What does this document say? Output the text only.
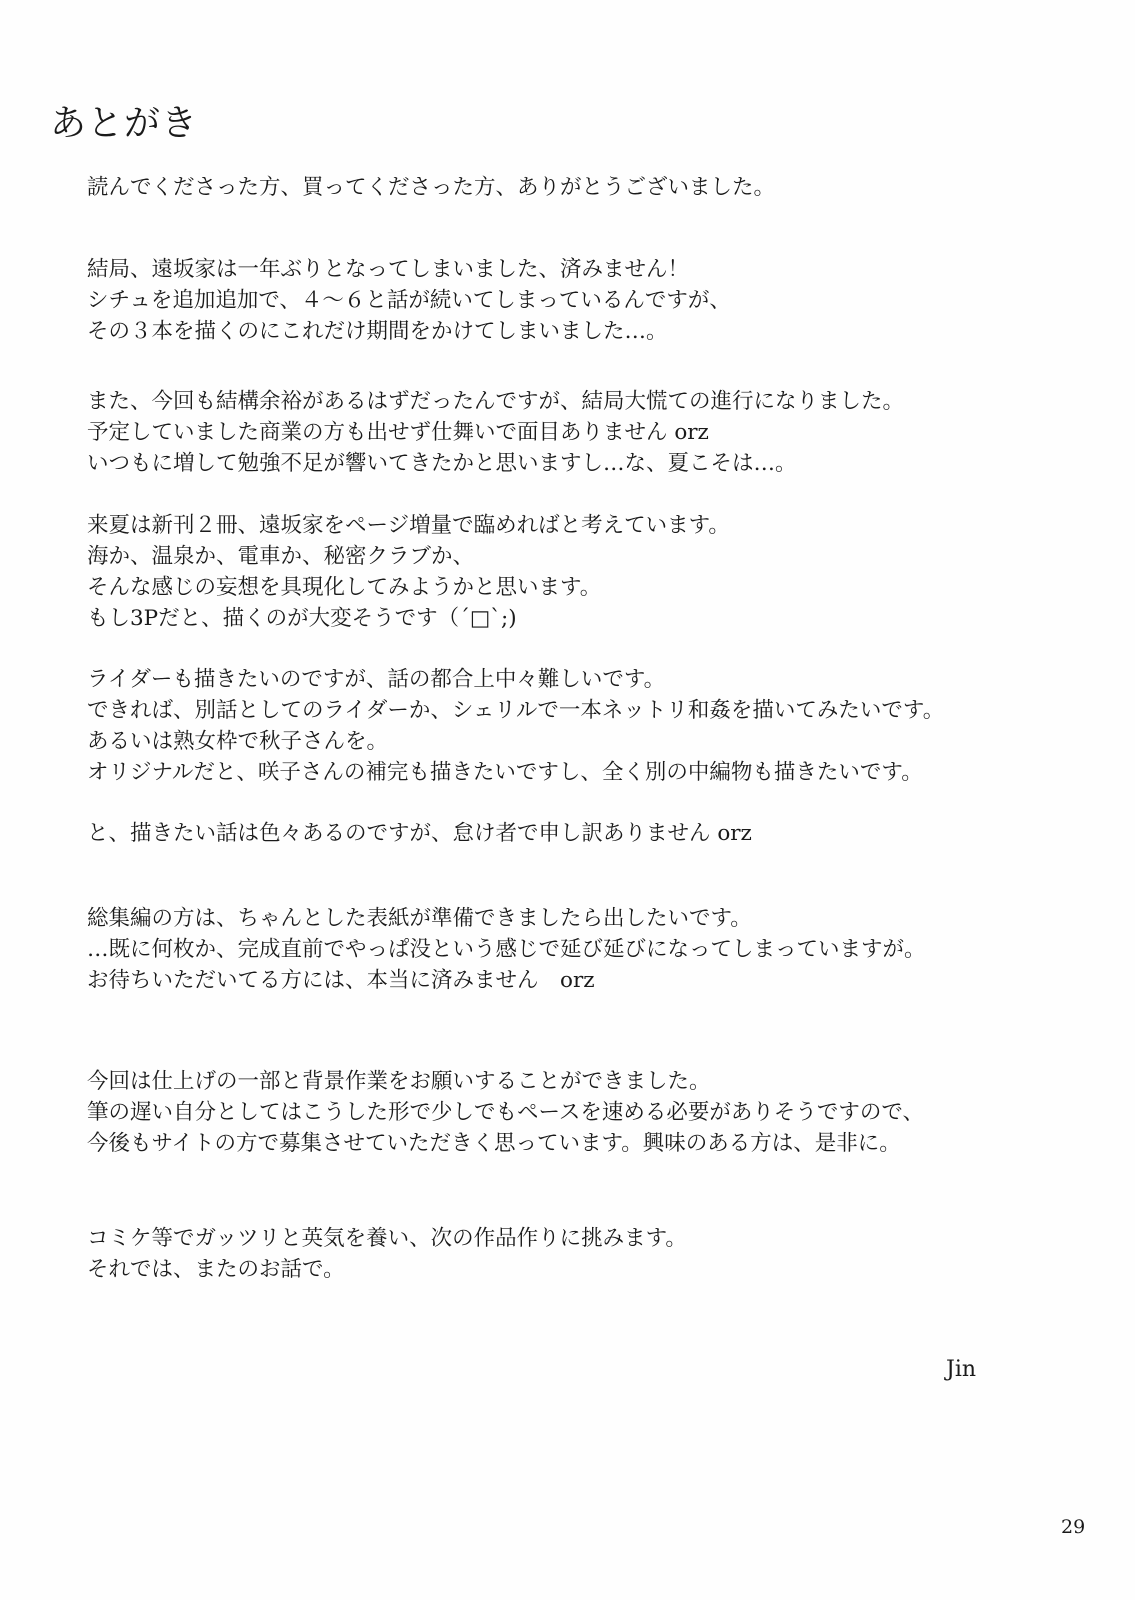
あとがき
読んでくださった方、買ってくださった方、ありがとうございました。
結局、遠坂家は一年ぶりとなってしまいました、済みません！
シチュを追加追加で、４～６と話が続いてしまっているんですが、
その３本を描くのにこれだけ期間をかけてしまいました…。
また、今回も結構余裕があるはずだったんですが、結局大慌ての進行になりました。
予定していました商業の方も出せず仕舞いで面目ありません orz
いつもに増して勉強不足が響いてきたかと思いますし…な、夏こそは…。
来夏は新刊２冊、遠坂家をページ増量で臨めればと考えています。
海か、温泉か、電車か、秘密クラブか、
そんな感じの妄想を具現化してみようかと思います。
もし3Pだと、描くのが大変そうです（´□`;)
ライダーも描きたいのですが、話の都合上中々難しいです。
できれば、別話としてのライダーか、シェリルで一本ネットリ和姦を描いてみたいです。
あるいは熟女枠で秋子さんを。
オリジナルだと、咲子さんの補完も描きたいですし、全く別の中編物も描きたいです。
と、描きたい話は色々あるのですが、怠け者で申し訳ありません orz
総集編の方は、ちゃんとした表紙が準備できましたら出したいです。
…既に何枚か、完成直前でやっぱ没という感じで延び延びになってしまっていますが。
お待ちいただいてる方には、本当に済みません　orz
今回は仕上げの一部と背景作業をお願いすることができました。
筆の遅い自分としてはこうした形で少しでもペースを速める必要がありそうですので、
今後もサイトの方で募集させていただきく思っています。興味のある方は、是非に。
コミケ等でガッツリと英気を養い、次の作品作りに挑みます。
それでは、またのお話で。
Jin
29
